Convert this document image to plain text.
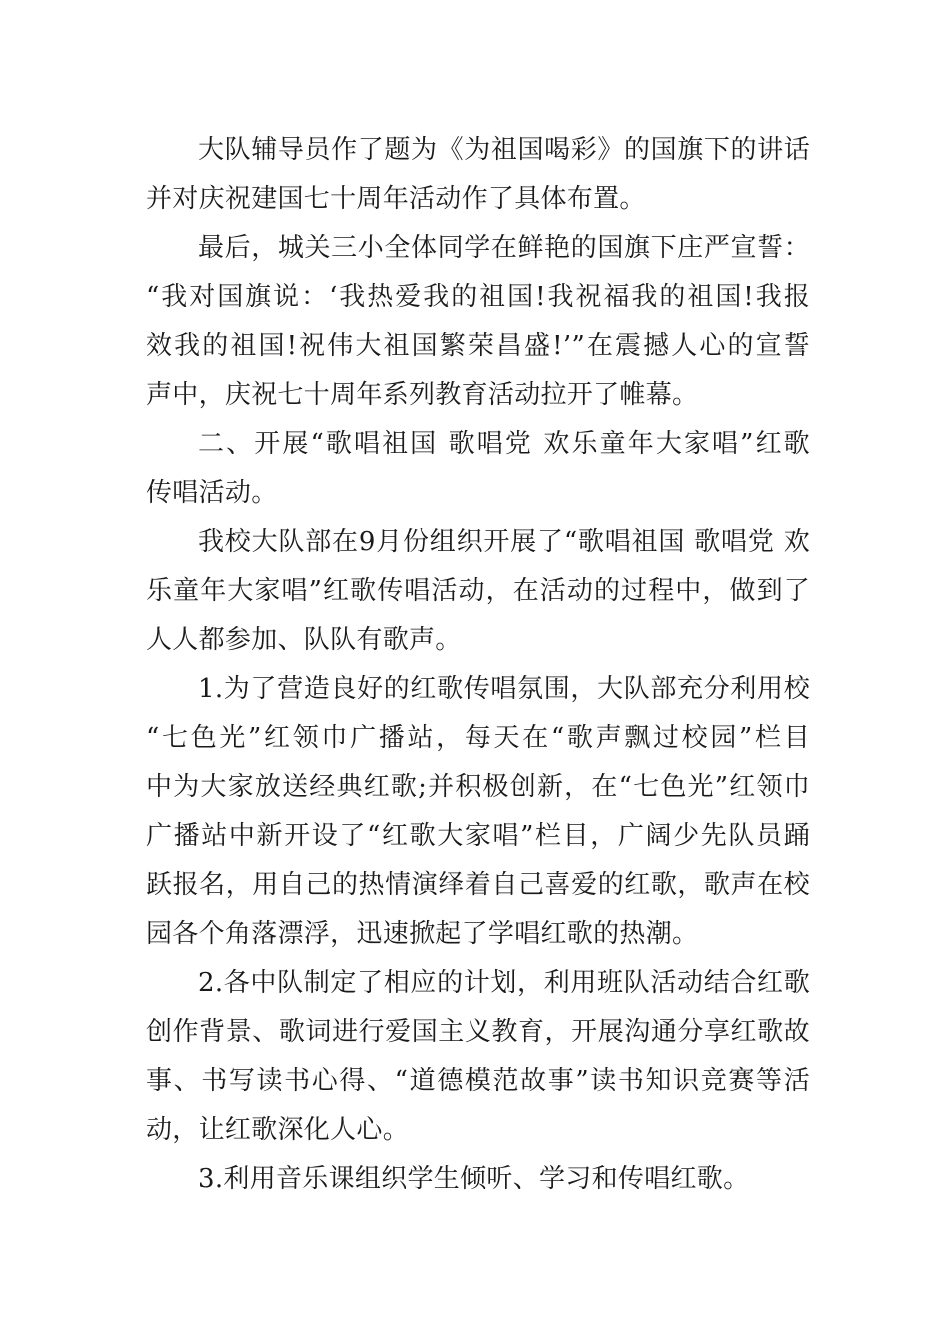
大队辅导员作了题为《为祖国喝彩》的国旗下的讲话
并对庆祝建国七十周年活动作了具体布置。
最后，城关三小全体同学在鲜艳的国旗下庄严宣誓：
“我对国旗说：‘我热爱我的祖国!我祝福我的祖国!我报
效我的祖国!祝伟大祖国繁荣昌盛!’”在震撼人心的宣誓
声中，庆祝七十周年系列教育活动拉开了帷幕。
二、开展“歌唱祖国 歌唱党 欢乐童年大家唱”红歌
传唱活动。
我校大队部在9月份组织开展了“歌唱祖国 歌唱党 欢
乐童年大家唱”红歌传唱活动，在活动的过程中，做到了
人人都参加、队队有歌声。
1.为了营造良好的红歌传唱氛围，大队部充分利用校
“七色光”红领巾广播站，每天在“歌声飘过校园”栏目
中为大家放送经典红歌;并积极创新，在“七色光”红领巾
广播站中新开设了“红歌大家唱”栏目，广阔少先队员踊
跃报名，用自己的热情演绎着自己喜爱的红歌，歌声在校
园各个角落漂浮，迅速掀起了学唱红歌的热潮。
2.各中队制定了相应的计划，利用班队活动结合红歌
创作背景、歌词进行爱国主义教育，开展沟通分享红歌故
事、书写读书心得、“道德模范故事”读书知识竞赛等活
动，让红歌深化人心。
3.利用音乐课组织学生倾听、学习和传唱红歌。
